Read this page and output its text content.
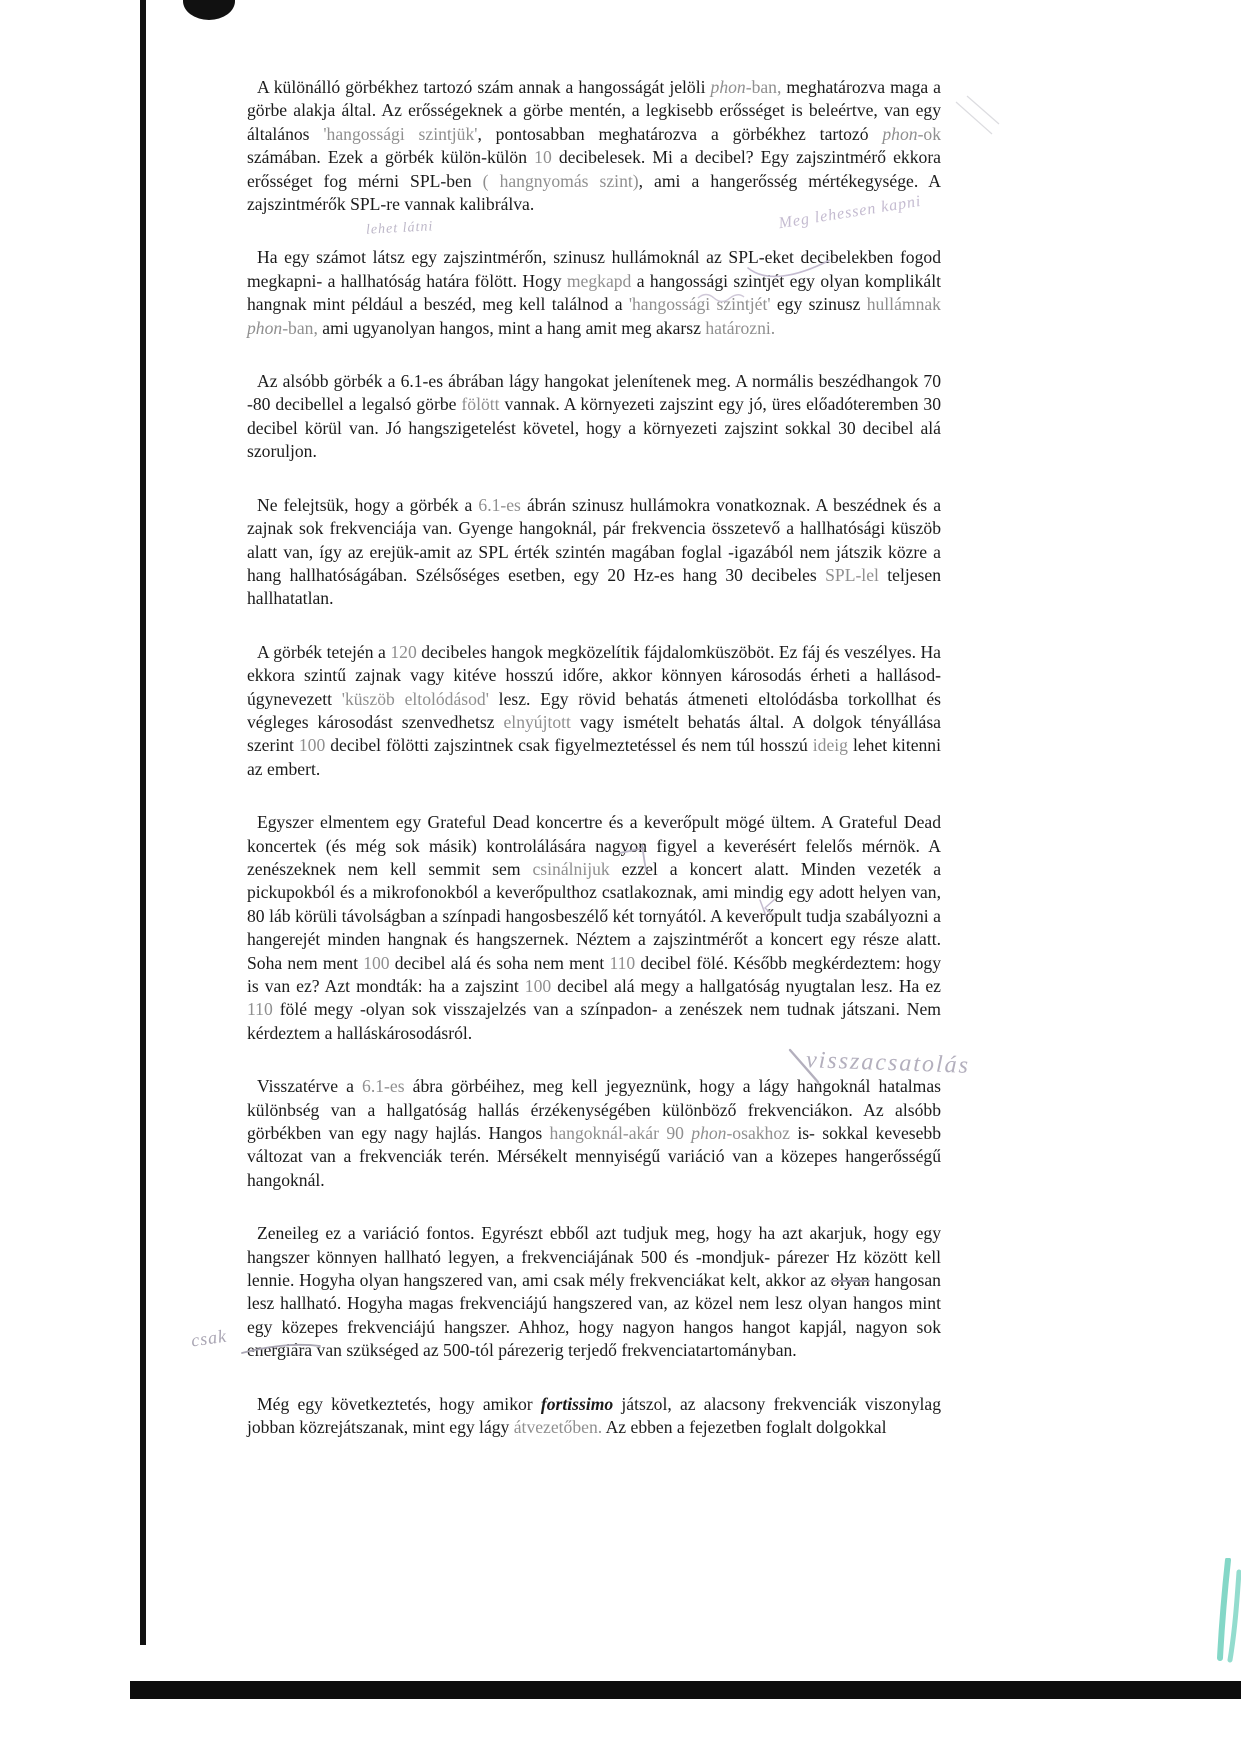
A különálló görbékhez tartozó szám annak a hangosságát jelöli phon-ban, meghatározva maga a görbe alakja által. Az erősségeknek a görbe mentén, a legkisebb erősséget is beleértve, van egy általános 'hangossági szintjük', pontosabban meghatározva a görbékhez tartozó phon-ok számában. Ezek a görbék külön-külön 10 decibelesek. Mi a decibel? Egy zajszintmérő ekkora erősséget fog mérni SPL-ben ( hangnyomás szint), ami a hangerősség mértékegysége. A zajszintmérők SPL-re vannak kalibrálva.

Ha egy számot látsz egy zajszintmérőn, szinusz hullámoknál az SPL-eket decibelekben fogod megkapni- a hallhatóság határa fölött. Hogy megkapd a hangossági szintjét egy olyan komplikált hangnak mint például a beszéd, meg kell találnod a 'hangossági szintjét' egy szinusz hullámnak phon-ban, ami ugyanolyan hangos, mint a hang amit meg akarsz határozni.

Az alsóbb görbék a 6.1-es ábrában lágy hangokat jelenítenek meg. A normális beszédhangok 70 -80 decibellel a legalsó görbe fölött vannak. A környezeti zajszint egy jó, üres előadóteremben 30 decibel körül van. Jó hangszigetelést követel, hogy a környezeti zajszint sokkal 30 decibel alá szoruljon.

Ne felejtsük, hogy a görbék a 6.1-es ábrán szinusz hullámokra vonatkoznak. A beszédnek és a zajnak sok frekvenciája van. Gyenge hangoknál, pár frekvencia összetevő a hallhatósági küszöb alatt van, így az erejük-amit az SPL érték szintén magában foglal -igazából nem játszik közre a hang hallhatóságában. Szélsőséges esetben, egy 20 Hz-es hang 30 decibeles SPL-lel teljesen hallhatatlan.

A görbék tetején a 120 decibeles hangok megközelítik fájdalomküszöböt. Ez fáj és veszélyes. Ha ekkora szintű zajnak vagy kitéve hosszú időre, akkor könnyen károsodás érheti a hallásod- úgynevezett 'küszöb eltolódásod' lesz. Egy rövid behatás átmeneti eltolódásba torkollhat és végleges károsodást szenvedhetsz elnyújtott vagy ismételt behatás által. A dolgok tényállása szerint 100 decibel fölötti zajszintnek csak figyelmeztetéssel és nem túl hosszú ideig lehet kitenni az embert.

Egyszer elmentem egy Grateful Dead koncertre és a keverőpult mögé ültem. A Grateful Dead koncertek (és még sok másik) kontrolálására nagyon figyel a keverésért felelős mérnök. A zenészeknek nem kell semmit sem csinálnijuk ezzel a koncert alatt. Minden vezeték a pickupokból és a mikrofonokból a keverőpulthoz csatlakoznak, ami mindig egy adott helyen van, 80 láb körüli távolságban a színpadi hangosbeszélő két tornyától. A keverőpult tudja szabályozni a hangerejét minden hangnak és hangszernek. Néztem a zajszintmérőt a koncert egy része alatt. Soha nem ment 100 decibel alá és soha nem ment 110 decibel fölé. Később megkérdeztem: hogy is van ez? Azt mondták: ha a zajszint 100 decibel alá megy a hallgatóság nyugtalan lesz. Ha ez 110 fölé megy -olyan sok visszajelzés van a színpadon- a zenészek nem tudnak játszani. Nem kérdeztem a halláskárosodásról.

Visszatérve a 6.1-es ábra görbéihez, meg kell jegyeznünk, hogy a lágy hangoknál hatalmas különbség van a hallgatóság hallás érzékenységében különböző frekvenciákon. Az alsóbb görbékben van egy nagy hajlás. Hangos hangoknál-akár 90 phon-osakhoz is- sokkal kevesebb változat van a frekvenciák terén. Mérsékelt mennyiségű variáció van a közepes hangerősségű hangoknál.

Zeneileg ez a variáció fontos. Egyrészt ebből azt tudjuk meg, hogy ha azt akarjuk, hogy egy hangszer könnyen hallható legyen, a frekvenciájának 500 és -mondjuk- párezer Hz között kell lennie. Hogyha olyan hangszered van, ami csak mély frekvenciákat kelt, akkor az olyan hangosan lesz hallható. Hogyha magas frekvenciájú hangszered van, az közel nem lesz olyan hangos mint egy közepes frekvenciájú hangszer. Ahhoz, hogy nagyon hangos hangot kapjál, nagyon sok energiára van szükséged az 500-tól párezerig terjedő frekvenciatartományban.

Még egy következtetés, hogy amikor fortissimo játszol, az alacsony frekvenciák viszonylag jobban közrejátszanak, mint egy lágy átvezetőben. Az ebben a fejezetben foglalt dolgokkal

lehet látni	Meg lehessen kapni
visszacsatolás
csak
